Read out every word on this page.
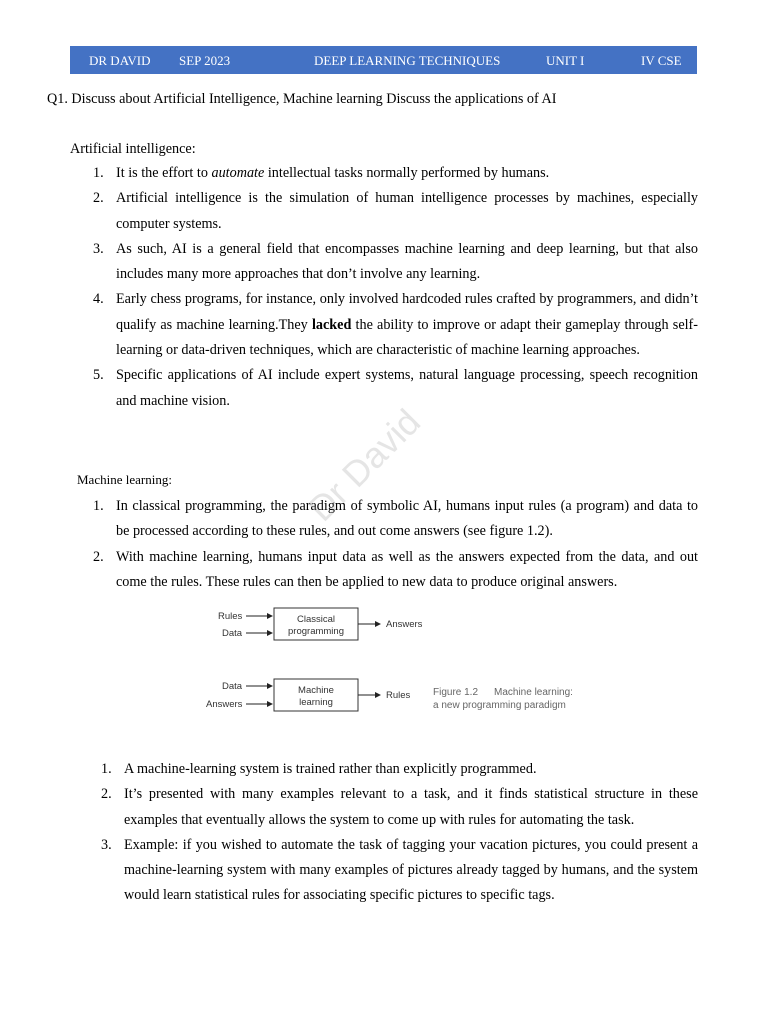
DR DAVID SEP 2023	DEEP LEARNING TECHNIQUES	UNIT I	IV CSE
Q1. Discuss about Artificial Intelligence, Machine learning Discuss the applications of AI
Artificial intelligence:
1. It is the effort to automate intellectual tasks normally performed by humans.
2. Artificial intelligence is the simulation of human intelligence processes by machines, especially computer systems.
3. As such, AI is a general field that encompasses machine learning and deep learning, but that also includes many more approaches that don’t involve any learning.
4. Early chess programs, for instance, only involved hardcoded rules crafted by programmers, and didn’t qualify as machine learning.They lacked the ability to improve or adapt their gameplay through self-learning or data-driven techniques, which are characteristic of machine learning approaches.
5. Specific applications of AI include expert systems, natural language processing, speech recognition and machine vision.
Machine learning:
1. In classical programming, the paradigm of symbolic AI, humans input rules (a program) and data to be processed according to these rules, and out come answers (see figure 1.2).
2. With machine learning, humans input data as well as the answers expected from the data, and out come the rules. These rules can then be applied to new data to produce original answers.
Dr David
Rules
Data
Classical
programming
Answers
Data
Answers
Machine
learning
Rules Figure 1.2 Machine learning:
a new programming paradigm
1. A machine-learning system is trained rather than explicitly programmed.
2. It’s presented with many examples relevant to a task, and it finds statistical structure in these examples that eventually allows the system to come up with rules for automating the task.
3. Example: if you wished to automate the task of tagging your vacation pictures, you could present a machine-learning system with many examples of pictures already tagged by humans, and the system would learn statistical rules for associating specific pictures to specific tags.
